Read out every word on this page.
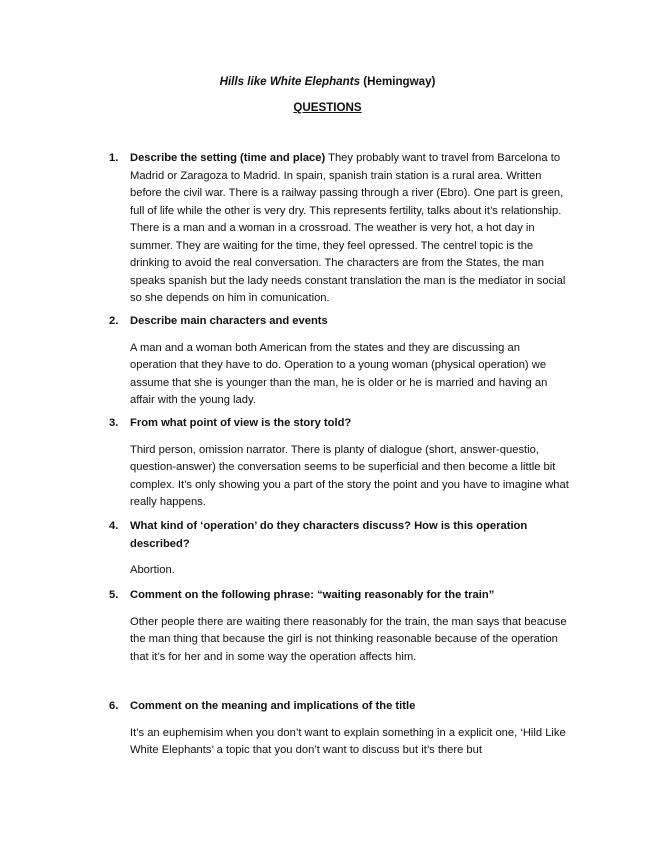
Hills like White Elephants (Hemingway)
QUESTIONS
1. Describe the setting (time and place) They probably want to travel from Barcelona to Madrid or Zaragoza to Madrid. In spain, spanish train station is a rural area. Written before the civil war. There is a railway passing through a river (Ebro). One part is green, full of life while the other is very dry. This represents fertility, talks about it’s relationship. There is a man and a woman in a crossroad. The weather is very hot, a hot day in summer. They are waiting for the time, they feel opressed. The centrel topic is the drinking to avoid the real conversation. The characters are from the States, the man speaks spanish but the lady needs constant translation the man is the mediator in social so she depends on him in comunication.
2. Describe main characters and events
A man and a woman both American from the states and they are discussing an operation that they have to do. Operation to a young woman (physical operation) we assume that she is younger than the man, he is older or he is married and having an affair with the young lady.
3. From what point of view is the story told?
Third person, omission narrator. There is planty of dialogue (short, answer-questio, question-answer) the conversation seems to be superficial and then become a little bit complex. It’s only showing you a part of the story the point and you have to imagine what really happens.
4. What kind of ‘operation’ do they characters discuss? How is this operation described?
Abortion.
5. Comment on the following phrase: “waiting reasonably for the train”
Other people there are waiting there reasonably for the train, the man says that beacuse the man thing that because the girl is not thinking reasonable because of the operation that it’s for her and in some way the operation affects him.
6. Comment on the meaning and implications of the title
It’s an euphemisim when you don’t want to explain something in a explicit one, ‘Hild Like White Elephants’ a topic that you don’t want to discuss but it’s there but
